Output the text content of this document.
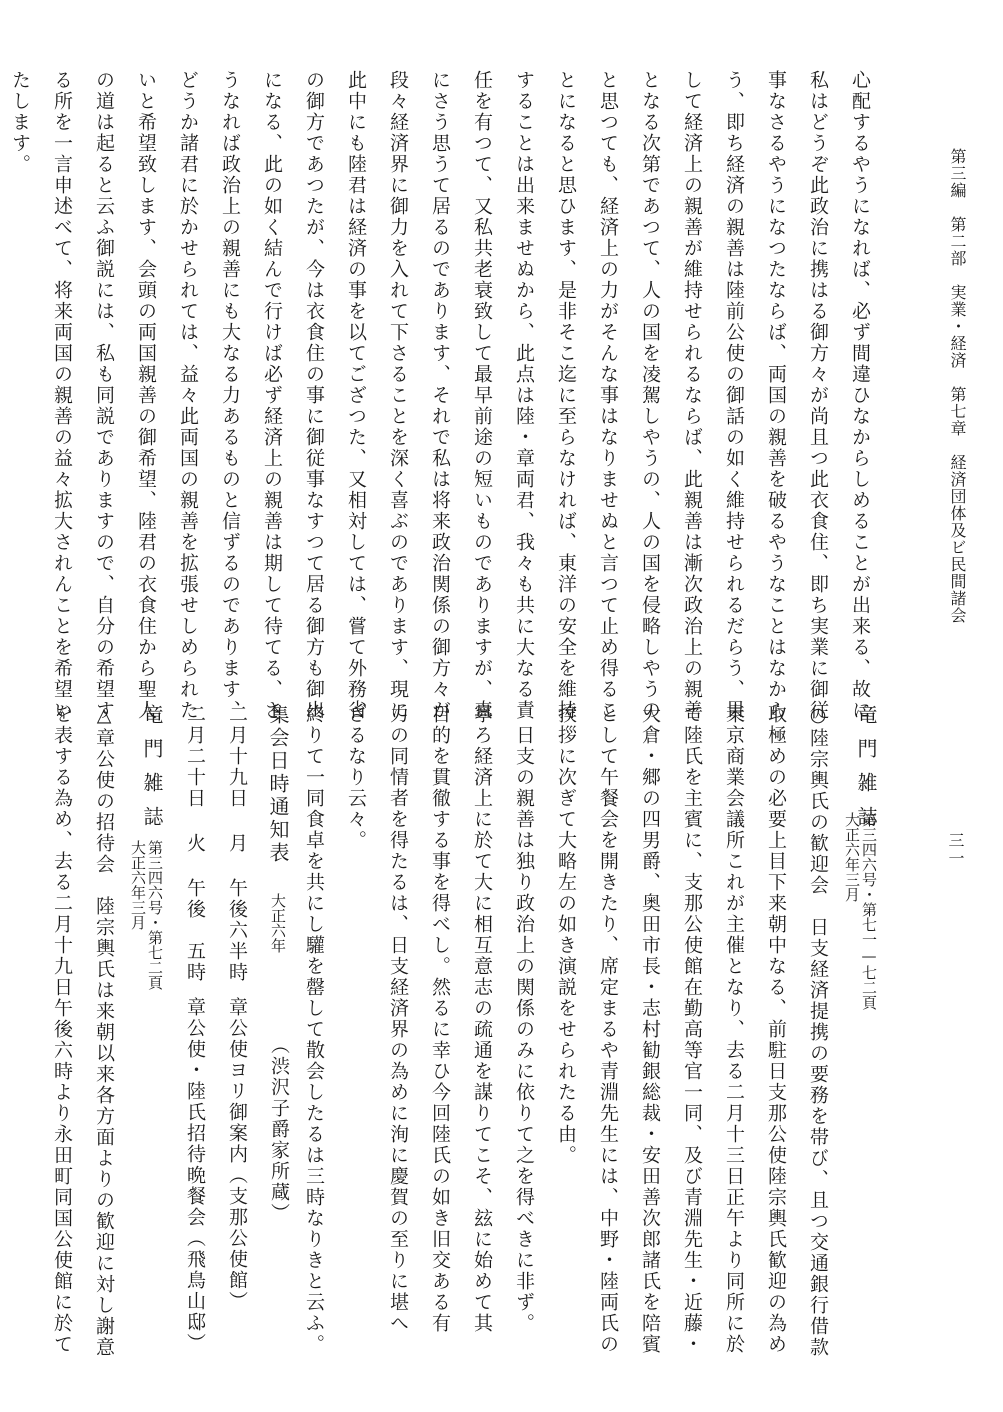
第三編　第二部　実業・経済　第七章　経済団体及ビ民間諸会
三一
心配するやうになれば、必ず間違ひなからしめることが出来る、故に
私はどうぞ此政治に携はる御方々が尚且つ此衣食住、即ち実業に御従
事なさるやうになつたならば、両国の親善を破るやうなことはなから
う、即ち経済の親善は陸前公使の御話の如く維持せられるだらう、果
して経済上の親善が維持せられるならば、此親善は漸次政治上の親善
となる次第であつて、人の国を凌駕しやうの、人の国を侵略しやうの
と思つても、経済上の力がそんな事はなりませぬと言つて止め得るこ
とになると思ひます、是非そこ迄に至らなければ、東洋の安全を維持
することは出来ませぬから、此点は陸・章両君、我々も共に大なる責
任を有つて、又私共老衰致して最早前途の短いものでありますが、真
にさう思うて居るのであります、それで私は将来政治関係の御方々が
段々経済界に御力を入れて下さることを深く喜ぶのであります、現に
此中にも陸君は経済の事を以てござつた、又相対しては、嘗て外務省
の御方であつたが、今は衣食住の事に御従事なすつて居る御方も御出
になる、此の如く結んで行けば必ず経済上の親善は期して待てる、さ
うなれば政治上の親善にも大なる力あるものと信ずるのであります、
どうか諸君に於かせられては、益々此両国の親善を拡張せしめられた
いと希望致します、会頭の両国親善の御希望、陸君の衣食住から聖人
の道は起ると云ふ御説には、私も同説でありますので、自分の希望す
る所を一言申述べて、将来両国の親善の益々拡大されんことを希望い
たします。
竜門雑誌
第三四六号・第七一—七二頁
大正六年三月
○陸宗輿氏の歓迎会　日支経済提携の要務を帯び、且つ交通銀行借款
取極めの必要上目下来朝中なる、前駐日支那公使陸宗輿氏歓迎の為め
東京商業会議所これが主催となり、去る二月十三日正午より同所に於
て陸氏を主賓に、支那公使館在勤高等官一同、及び青淵先生・近藤・
大倉・郷の四男爵、奥田市長・志村勧銀総裁・安田善次郎諸氏を陪賓
として午餐会を開きたり、席定まるや青淵先生には、中野・陸両氏の
挨拶に次ぎて大略左の如き演説をせられたる由。
　日支の親善は独り政治上の関係のみに依りて之を得べきに非ず。
寧ろ経済上に於て大に相互意志の疏通を謀りてこそ、玆に始めて其
目的を貫徹する事を得べし。然るに幸ひ今回陸氏の如き旧交ある有
力の同情者を得たるは、日支経済界の為めに洵に慶賀の至りに堪へ
ざるなり云々。
終りて一同食卓を共にし驩を罄して散会したるは三時なりきと云ふ。
集会日時通知表
大正六年
（渋沢子爵家所蔵）
二月十九日月午後六半時章公使ヨリ御案内（支那公使館）
二月二十日火午後　五時章公使・陸氏招待晩餐会（飛鳥山邸）
竜門雑誌
第三四六号・第七二頁
大正六年三月
△章公使の招待会　陸宗輿氏は来朝以来各方面よりの歓迎に対し謝意
を表する為め、去る二月十九日午後六時より永田町同国公使館に於て
